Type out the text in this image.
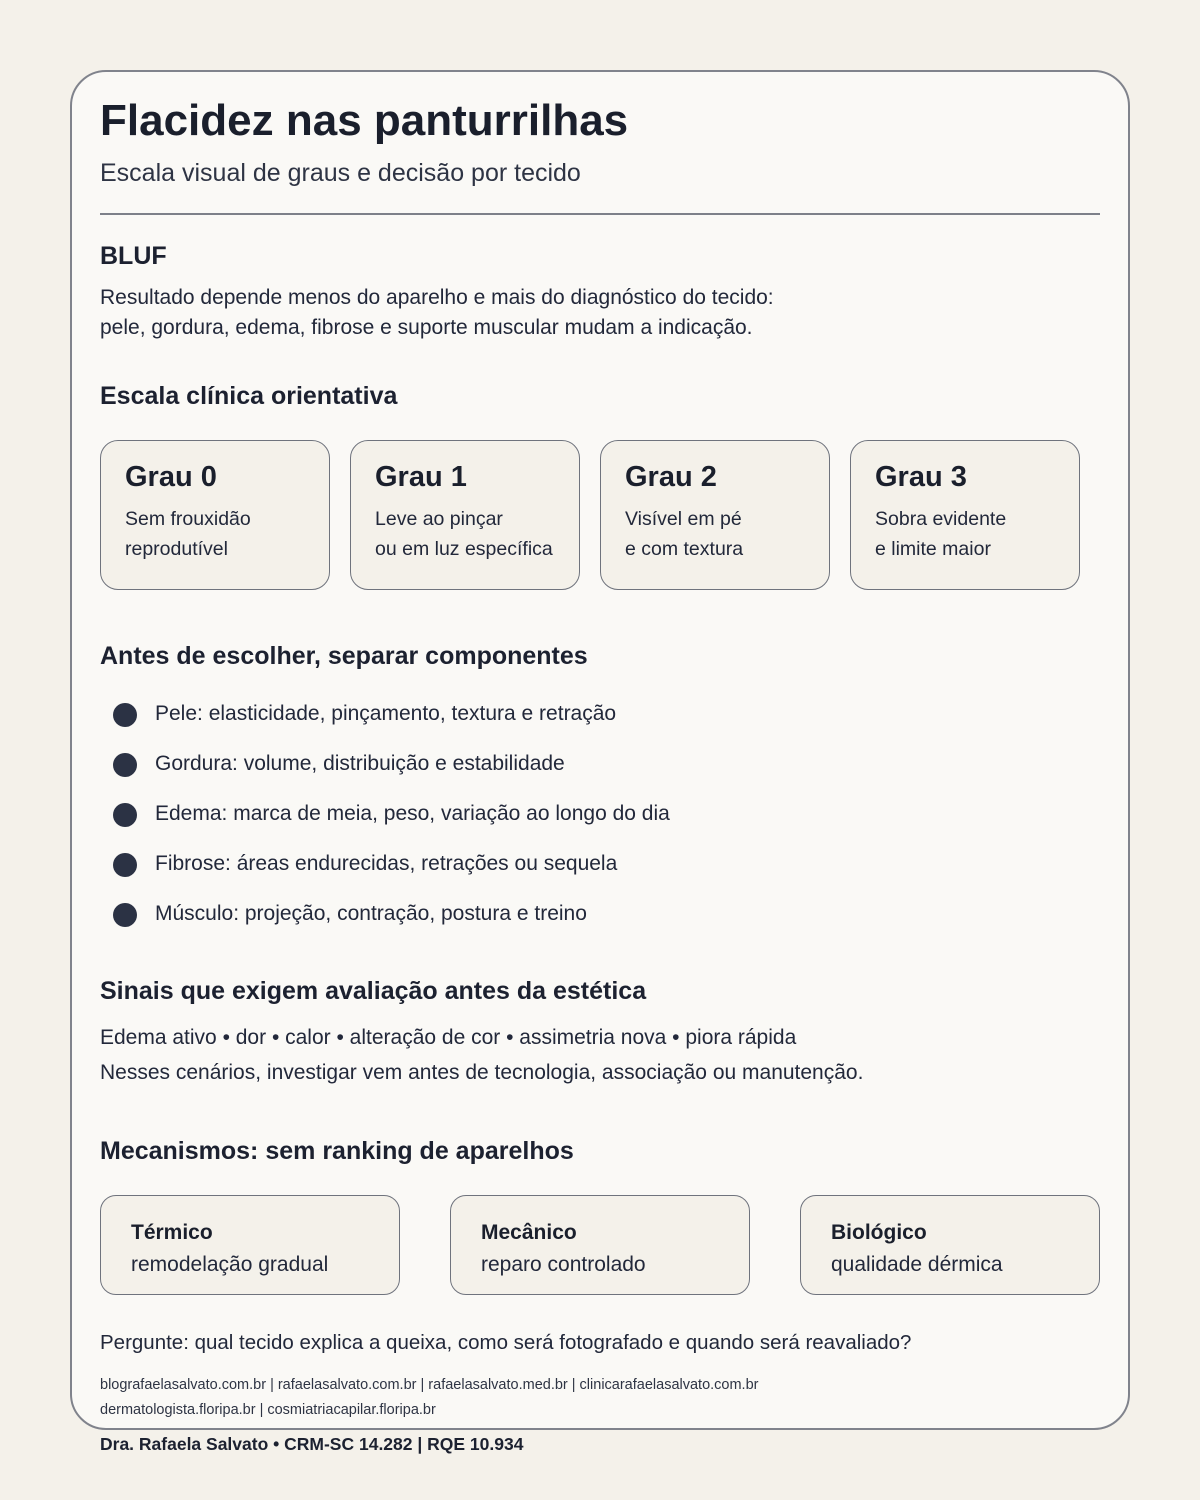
Flacidez nas panturrilhas
Escala visual de graus e decisão por tecido
BLUF
Resultado depende menos do aparelho e mais do diagnóstico do tecido:
pele, gordura, edema, fibrose e suporte muscular mudam a indicação.
Escala clínica orientativa
Grau 0
Sem frouxidão
reprodutível
Grau 1
Leve ao pinçar
ou em luz específica
Grau 2
Visível em pé
e com textura
Grau 3
Sobra evidente
e limite maior
Antes de escolher, separar componentes
Pele: elasticidade, pinçamento, textura e retração
Gordura: volume, distribuição e estabilidade
Edema: marca de meia, peso, variação ao longo do dia
Fibrose: áreas endurecidas, retrações ou sequela
Músculo: projeção, contração, postura e treino
Sinais que exigem avaliação antes da estética
Edema ativo • dor • calor • alteração de cor • assimetria nova • piora rápida
Nesses cenários, investigar vem antes de tecnologia, associação ou manutenção.
Mecanismos: sem ranking de aparelhos
Térmico
remodelação gradual
Mecânico
reparo controlado
Biológico
qualidade dérmica
Pergunte: qual tecido explica a queixa, como será fotografado e quando será reavaliado?
blografaelasalvato.com.br | rafaelasalvato.com.br | rafaelasalvato.med.br | clinicarafaelasalvato.com.br
dermatologista.floripa.br | cosmiatriacapilar.floripa.br
Dra. Rafaela Salvato • CRM-SC 14.282 | RQE 10.934
